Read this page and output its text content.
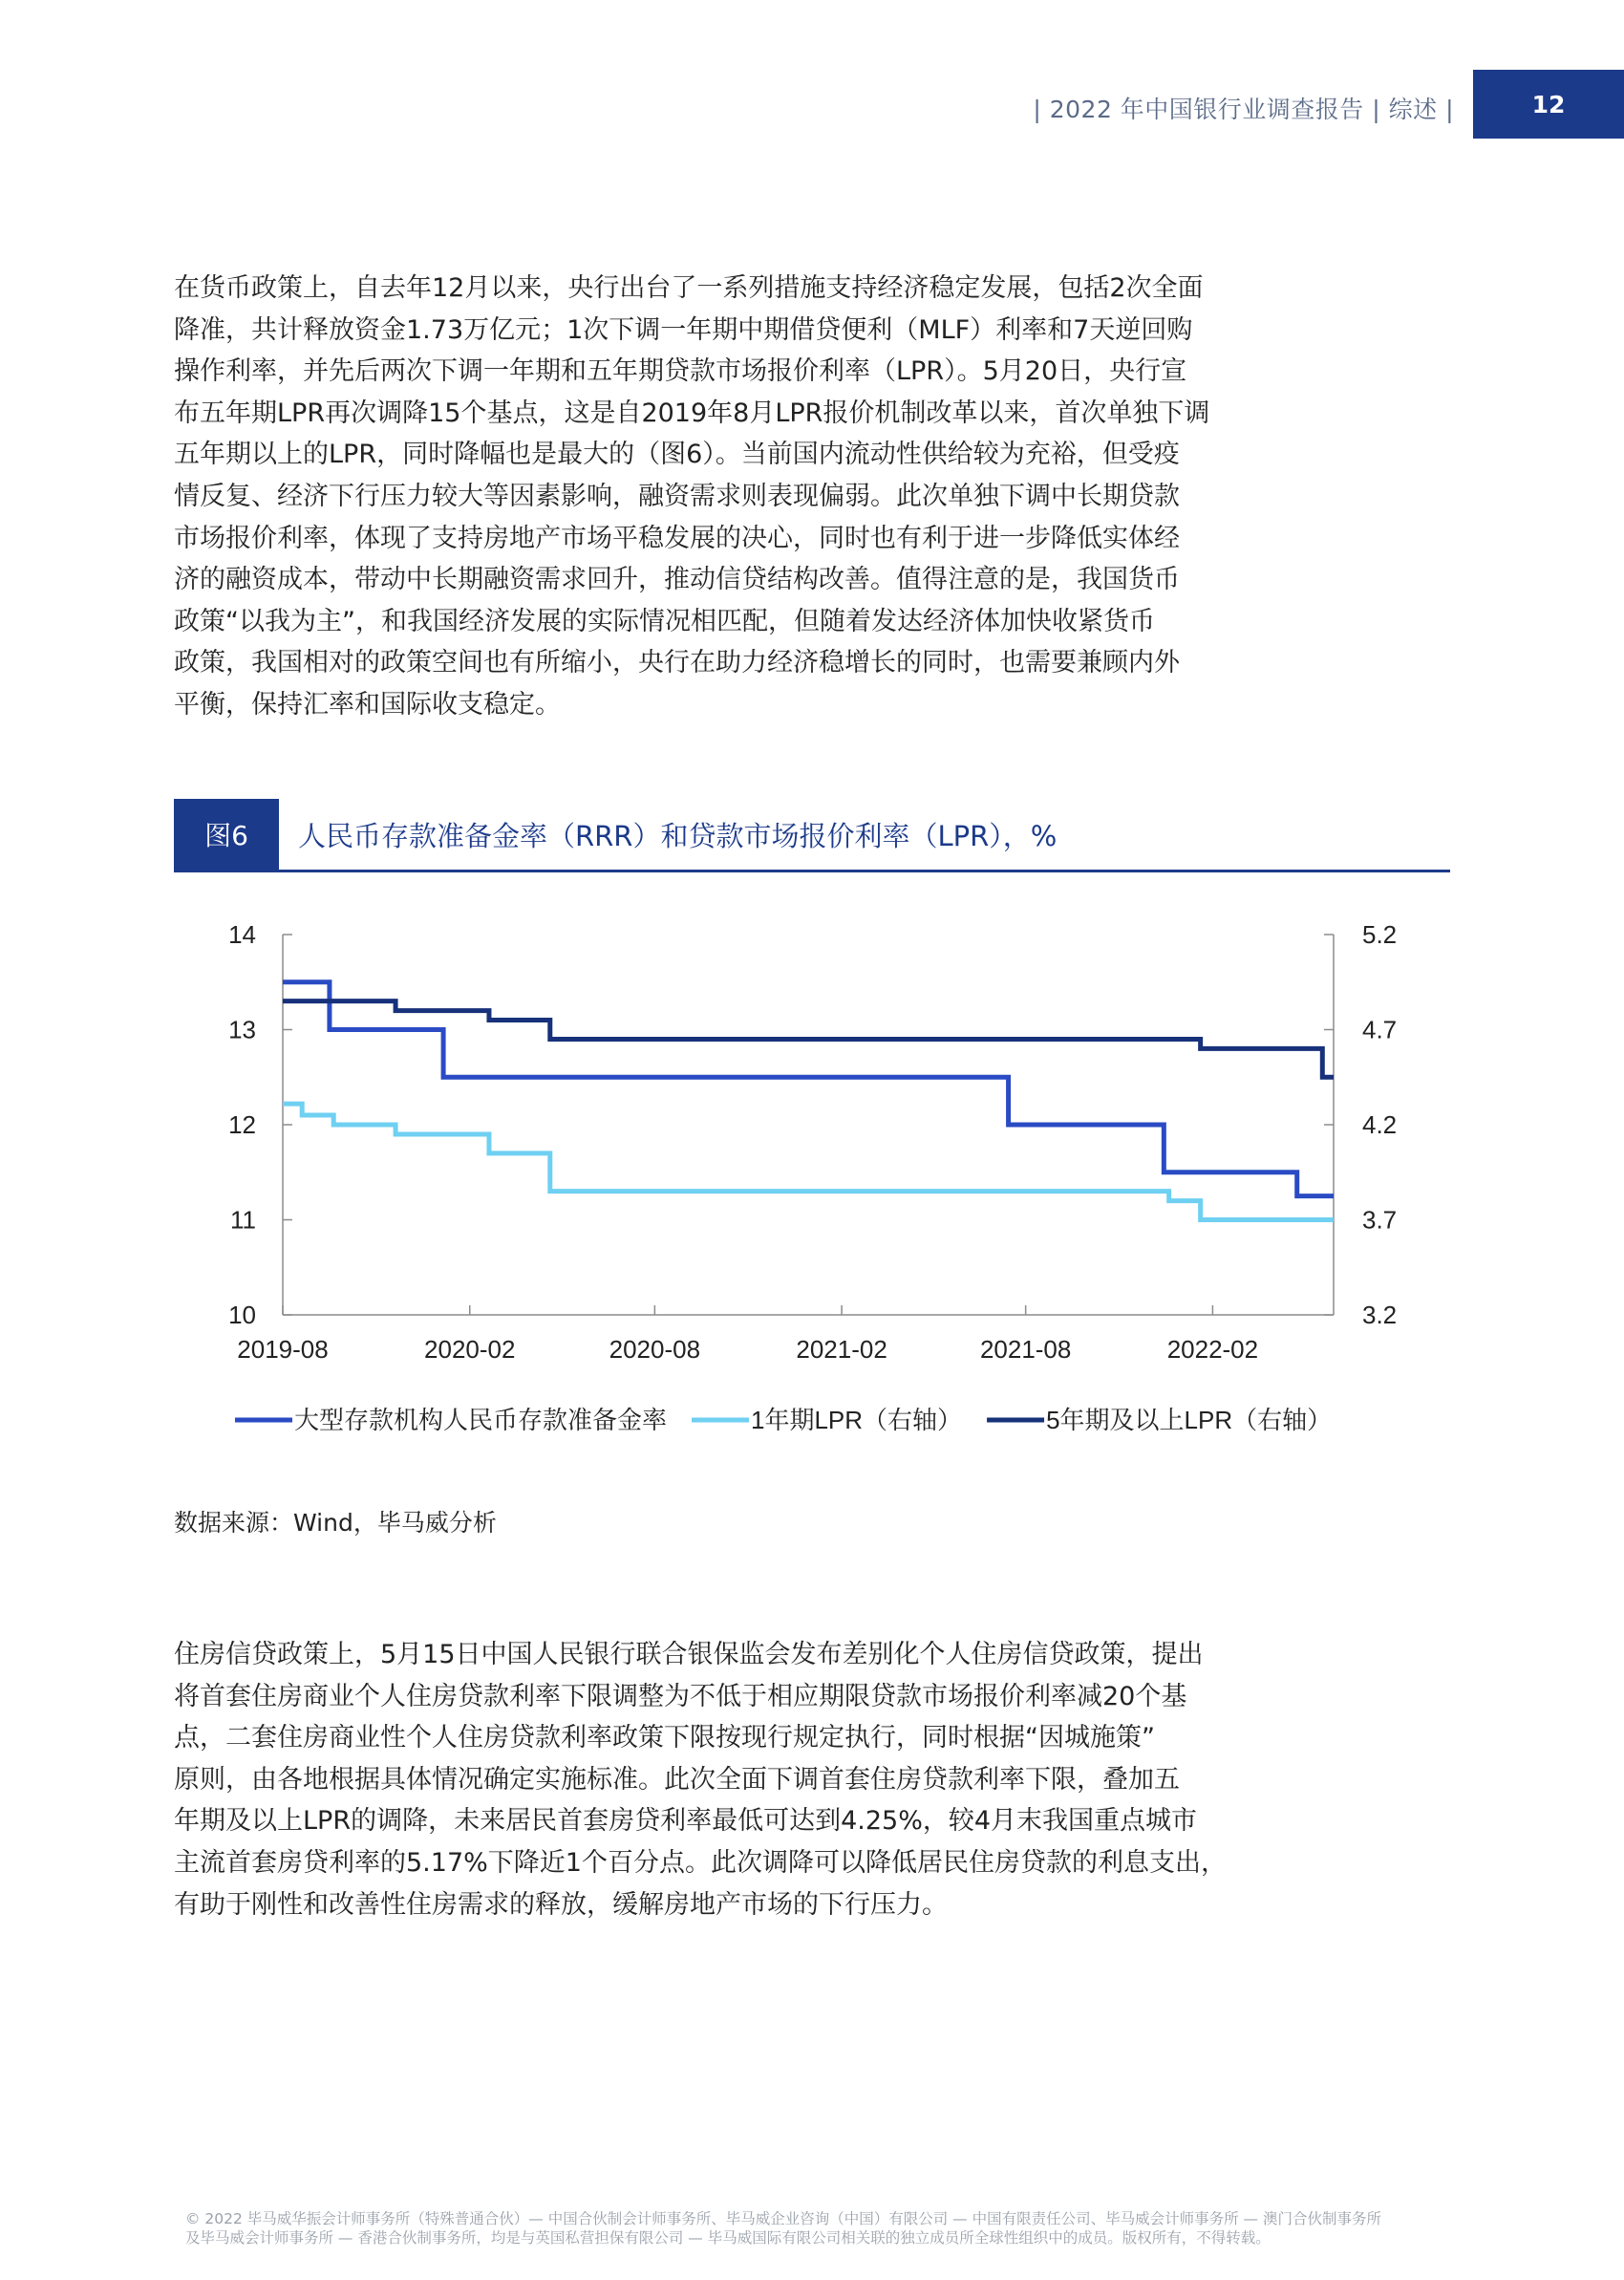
| 2022 年中国银行业调查报告 | 综述 |	12
在货币政策上，自去年12月以来，央行出台了一系列措施支持经济稳定发展，包括2次全面
降准，共计释放资金1.73万亿元；1次下调一年期中期借贷便利（MLF）利率和7天逆回购
操作利率，并先后两次下调一年期和五年期贷款市场报价利率（LPR）。5月20日，央行宣
布五年期LPR再次调降15个基点，这是自2019年8月LPR报价机制改革以来，首次单独下调
五年期以上的LPR，同时降幅也是最大的（图6）。当前国内流动性供给较为充裕，但受疫
情反复、经济下行压力较大等因素影响，融资需求则表现偏弱。此次单独下调中长期贷款
市场报价利率，体现了支持房地产市场平稳发展的决心，同时也有利于进一步降低实体经
济的融资成本，带动中长期融资需求回升，推动信贷结构改善。值得注意的是，我国货币
政策“以我为主”，和我国经济发展的实际情况相匹配，但随着发达经济体加快收紧货币
政策，我国相对的政策空间也有所缩小，央行在助力经济稳增长的同时，也需要兼顾内外
平衡，保持汇率和国际收支稳定。
图6	人民币存款准备金率（RRR）和贷款市场报价利率（LPR），%
10
11
12
13
14
3.2
3.7
4.2
4.7
5.2
2019-08	2020-02	2020-08	2021-02	2021-08	2022-02
大型存款机构人民币存款准备金率	1年期LPR（右轴）	5年期及以上LPR（右轴）
数据来源：Wind，毕马威分析
住房信贷政策上，5月15日中国人民银行联合银保监会发布差别化个人住房信贷政策，提出
将首套住房商业个人住房贷款利率下限调整为不低于相应期限贷款市场报价利率减20个基
点，二套住房商业性个人住房贷款利率政策下限按现行规定执行，同时根据“因城施策”
原则，由各地根据具体情况确定实施标准。此次全面下调首套住房贷款利率下限，叠加五
年期及以上LPR的调降，未来居民首套房贷利率最低可达到4.25%，较4月末我国重点城市
主流首套房贷利率的5.17%下降近1个百分点。此次调降可以降低居民住房贷款的利息支出，
有助于刚性和改善性住房需求的释放，缓解房地产市场的下行压力。
© 2022 毕马威华振会计师事务所（特殊普通合伙）— 中国合伙制会计师事务所、毕马威企业咨询（中国）有限公司 — 中国有限责任公司、毕马威会计师事务所 — 澳门合伙制事务所
及毕马威会计师事务所 — 香港合伙制事务所，均是与英国私营担保有限公司 — 毕马威国际有限公司相关联的独立成员所全球性组织中的成员。版权所有，不得转载。
